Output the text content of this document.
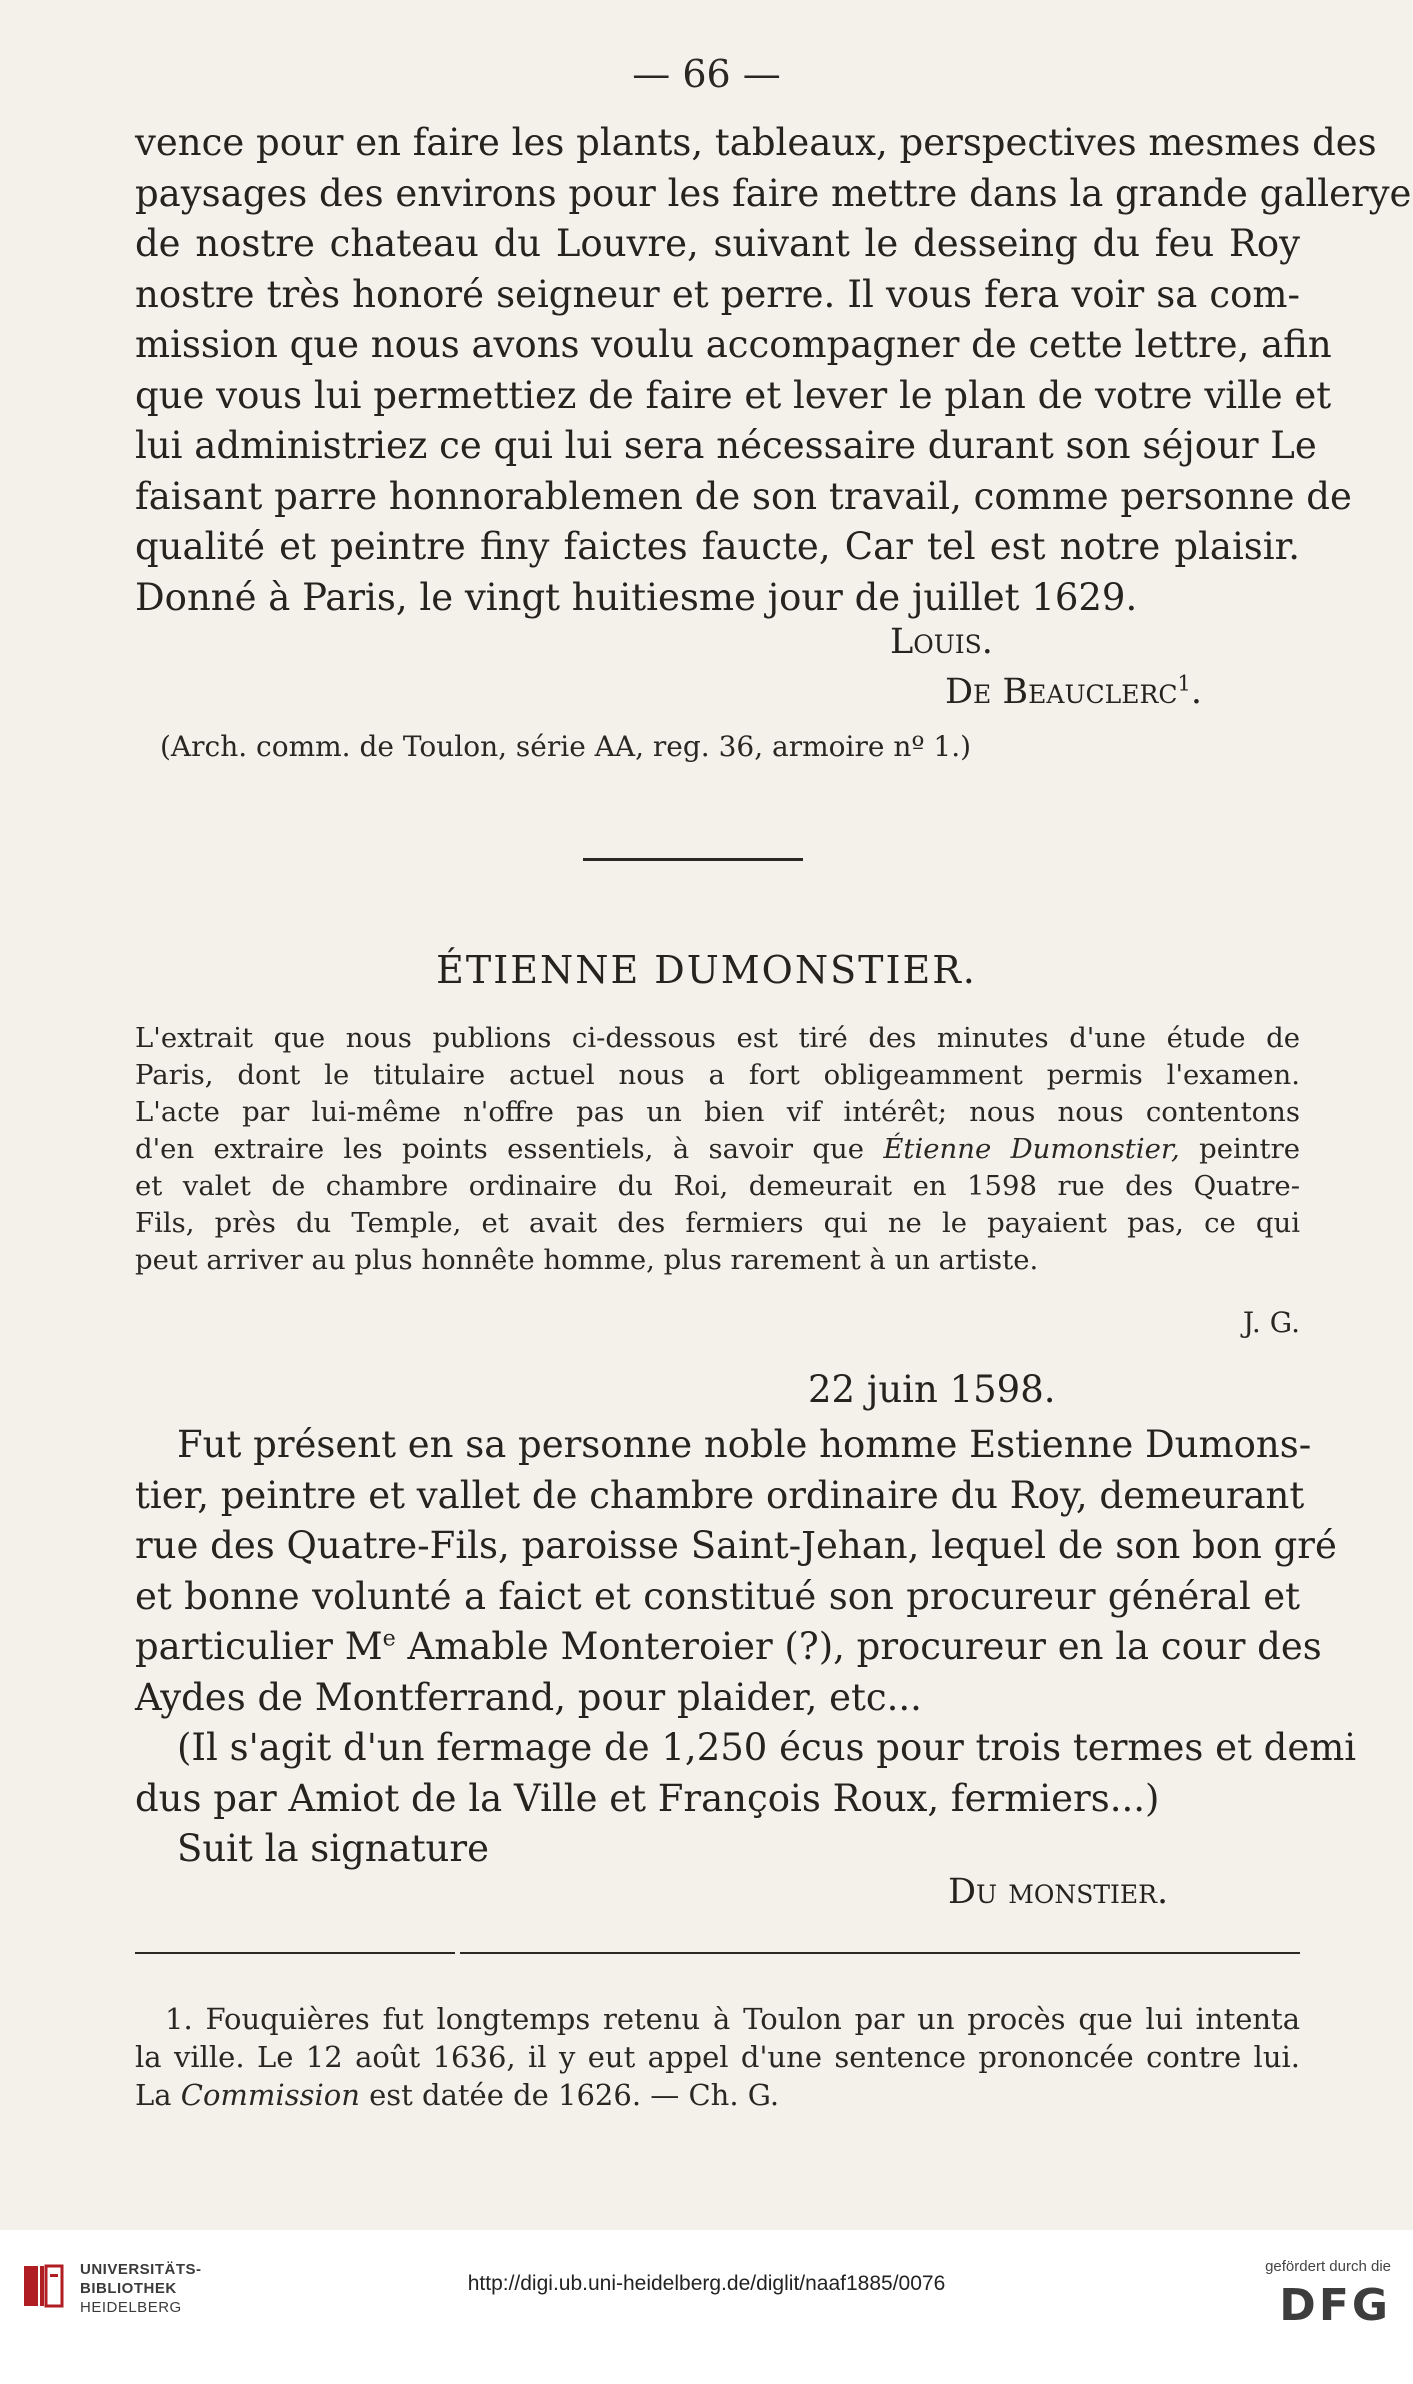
— 66 —
vence pour en faire les plants, tableaux, perspectives mesmes des
paysages des environs pour les faire mettre dans la grande gallerye
de nostre chateau du Louvre, suivant le desseing du feu Roy
nostre très honoré seigneur et perre. Il vous fera voir sa com-
mission que nous avons voulu accompagner de cette lettre, afin
que vous lui permettiez de faire et lever le plan de votre ville et
lui administriez ce qui lui sera nécessaire durant son séjour Le
faisant parre honnorablemen de son travail, comme personne de
qualité et peintre finy faictes faucte, Car tel est notre plaisir.
Donné à Paris, le vingt huitiesme jour de juillet 1629.
Louis.
De Beauclerc$^1$.
(Arch. comm. de Toulon, série AA, reg. 36, armoire nº 1.)
ÉTIENNE DUMONSTIER.
L'extrait que nous publions ci-dessous est tiré des minutes d'une étude de
Paris, dont le titulaire actuel nous a fort obligeamment permis l'examen.
L'acte par lui-même n'offre pas un bien vif intérêt; nous nous contentons
d'en extraire les points essentiels, à savoir que Étienne Dumonstier, peintre
et valet de chambre ordinaire du Roi, demeurait en 1598 rue des Quatre-
Fils, près du Temple, et avait des fermiers qui ne le payaient pas, ce qui
peut arriver au plus honnête homme, plus rarement à un artiste.
J. G.
22 juin 1598.
Fut présent en sa personne noble homme Estienne Dumons-
tier, peintre et vallet de chambre ordinaire du Roy, demeurant
rue des Quatre-Fils, paroisse Saint-Jehan, lequel de son bon gré
et bonne volunté a faict et constitué son procureur général et
particulier Me Amable Monteroier (?), procureur en la cour des
Aydes de Montferrand, pour plaider, etc...
(Il s'agit d'un fermage de 1,250 écus pour trois termes et demi
dus par Amiot de la Ville et François Roux, fermiers...)
Suit la signature
Du monstier.
1. Fouquières fut longtemps retenu à Toulon par un procès que lui intenta
la ville. Le 12 août 1636, il y eut appel d'une sentence prononcée contre lui.
La Commission est datée de 1626. — Ch. G.
UNIVERSITÄTS-
BIBLIOTHEK
HEIDELBERG
http://digi.ub.uni-heidelberg.de/diglit/naaf1885/0076
gefördert durch die
DFG
